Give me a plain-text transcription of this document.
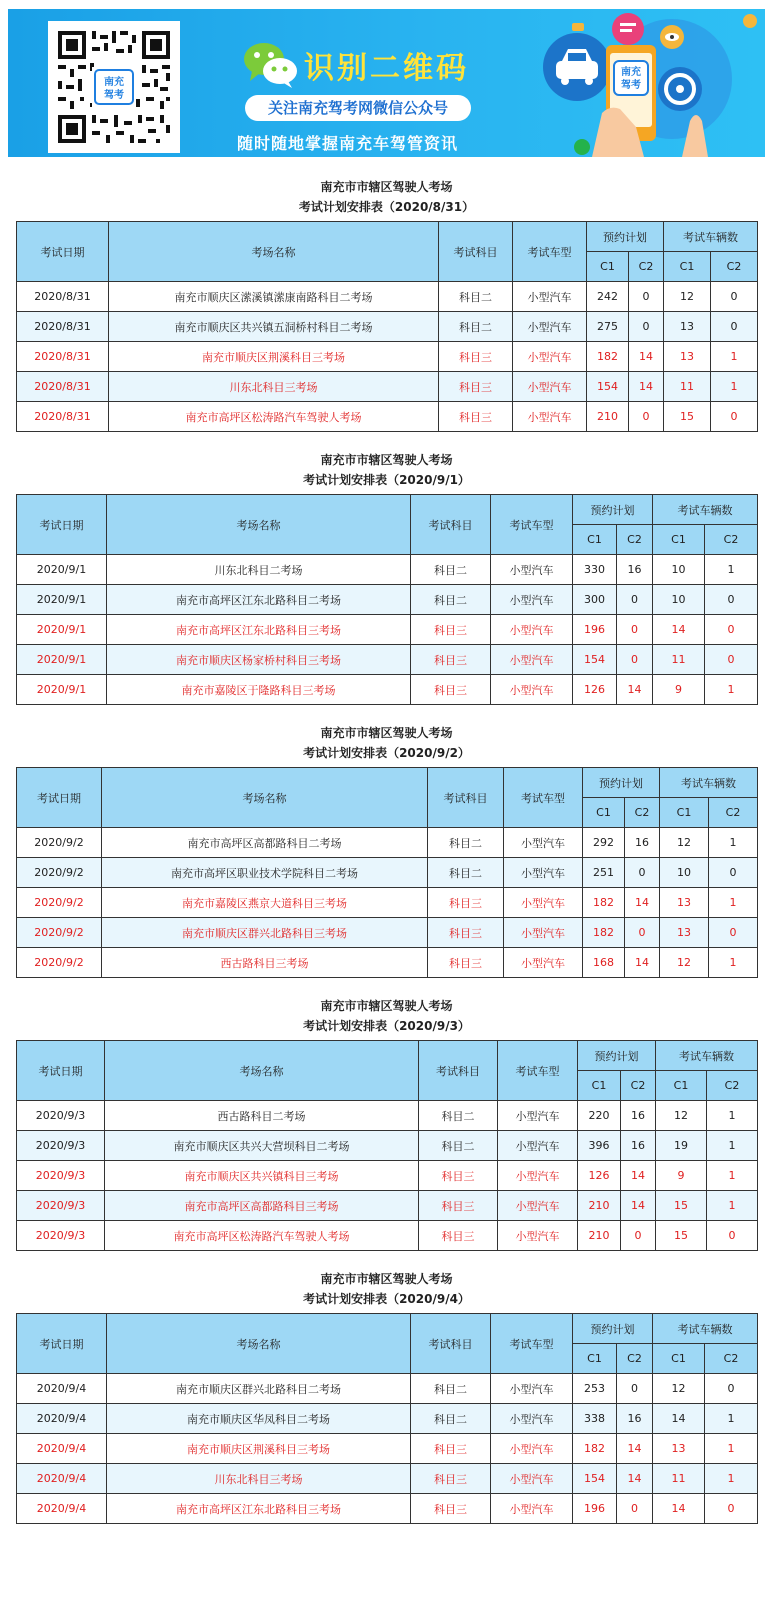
南充
驾考
识别二维码
关注南充驾考网微信公众号
随时随地掌握南充车驾管资讯
南充
驾考
南充市市辖区驾驶人考场
考试计划安排表（2020/8/31）
考试日期	考场名称	考试科目	考试车型	预约计划		考试车辆数	
				C1	C2	C1	C2
2020/8/31	南充市顺庆区潆溪镇潆康南路科目二考场	科目二	小型汽车	242	0	12	0
2020/8/31	南充市顺庆区共兴镇五洞桥村科目二考场	科目二	小型汽车	275	0	13	0
2020/8/31	南充市顺庆区荆溪科目三考场	科目三	小型汽车	182	14	13	1
2020/8/31	川东北科目三考场	科目三	小型汽车	154	14	11	1
2020/8/31	南充市高坪区松涛路汽车驾驶人考场	科目三	小型汽车	210	0	15	0
南充市市辖区驾驶人考场
考试计划安排表（2020/9/1）
考试日期	考场名称	考试科目	考试车型	预约计划		考试车辆数	
				C1	C2	C1	C2
2020/9/1	川东北科目二考场	科目二	小型汽车	330	16	10	1
2020/9/1	南充市高坪区江东北路科目二考场	科目二	小型汽车	300	0	10	0
2020/9/1	南充市高坪区江东北路科目三考场	科目三	小型汽车	196	0	14	0
2020/9/1	南充市顺庆区杨家桥村科目三考场	科目三	小型汽车	154	0	11	0
2020/9/1	南充市嘉陵区于隆路科目三考场	科目三	小型汽车	126	14	9	1
南充市市辖区驾驶人考场
考试计划安排表（2020/9/2）
考试日期	考场名称	考试科目	考试车型	预约计划		考试车辆数	
				C1	C2	C1	C2
2020/9/2	南充市高坪区高都路科目二考场	科目二	小型汽车	292	16	12	1
2020/9/2	南充市高坪区职业技术学院科目二考场	科目二	小型汽车	251	0	10	0
2020/9/2	南充市嘉陵区燕京大道科目三考场	科目三	小型汽车	182	14	13	1
2020/9/2	南充市顺庆区群兴北路科目三考场	科目三	小型汽车	182	0	13	0
2020/9/2	西古路科目三考场	科目三	小型汽车	168	14	12	1
南充市市辖区驾驶人考场
考试计划安排表（2020/9/3）
考试日期	考场名称	考试科目	考试车型	预约计划		考试车辆数	
				C1	C2	C1	C2
2020/9/3	西古路科目二考场	科目二	小型汽车	220	16	12	1
2020/9/3	南充市顺庆区共兴大营坝科目二考场	科目二	小型汽车	396	16	19	1
2020/9/3	南充市顺庆区共兴镇科目三考场	科目三	小型汽车	126	14	9	1
2020/9/3	南充市高坪区高都路科目三考场	科目三	小型汽车	210	14	15	1
2020/9/3	南充市高坪区松涛路汽车驾驶人考场	科目三	小型汽车	210	0	15	0
南充市市辖区驾驶人考场
考试计划安排表（2020/9/4）
考试日期	考场名称	考试科目	考试车型	预约计划		考试车辆数	
				C1	C2	C1	C2
2020/9/4	南充市顺庆区群兴北路科目二考场	科目二	小型汽车	253	0	12	0
2020/9/4	南充市顺庆区华凤科目二考场	科目二	小型汽车	338	16	14	1
2020/9/4	南充市顺庆区荆溪科目三考场	科目三	小型汽车	182	14	13	1
2020/9/4	川东北科目三考场	科目三	小型汽车	154	14	11	1
2020/9/4	南充市高坪区江东北路科目三考场	科目三	小型汽车	196	0	14	0
